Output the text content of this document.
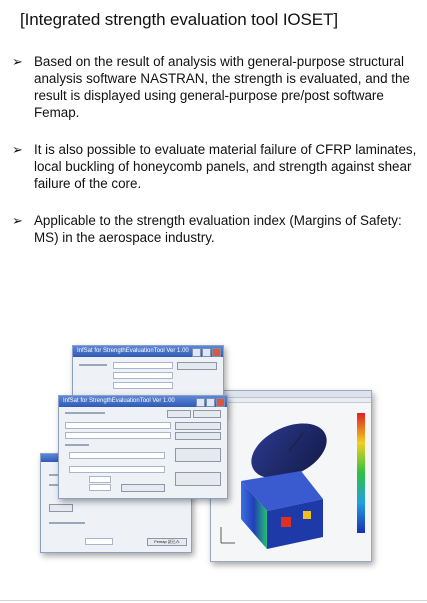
[Integrated strength evaluation tool IOSET]
➢ Based on the result of analysis with general-purpose structural analysis software NASTRAN, the strength is evaluated, and the result is displayed using general-purpose pre/post software Femap.
➢ It is also possible to evaluate material failure of CFRP laminates, local buckling of honeycomb panels, and strength against shear failure of the core.
➢ Applicable to the strength evaluation index (Margins of Safety: MS) in the aerospace industry.
InfSat for StrengthEvaluationTool Ver 1.00
Femap 読込み
InfSat for StrengthEvaluationTool Ver 1.00
